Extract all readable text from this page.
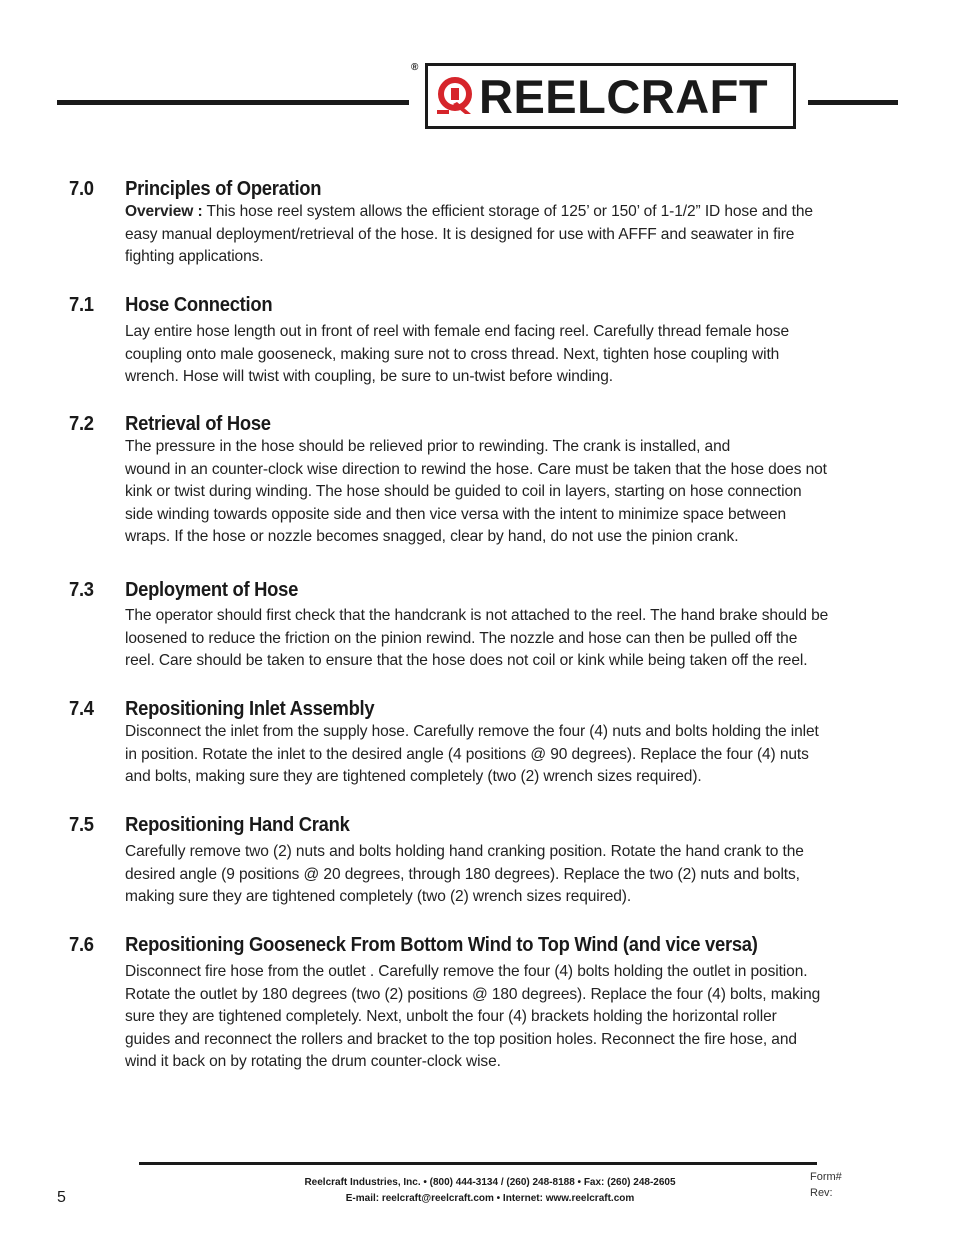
®
REELCRAFT
7.0	Principles of Operation

Overview : This hose reel system allows the efficient storage of 125’ or 150’ of 1-1/2” ID hose and the

easy manual deployment/retrieval of the hose. It is designed for use with AFFF and seawater in fire

fighting applications.

7.1	Hose Connection

Lay entire hose length out in front of reel with female end facing reel. Carefully thread female hose

coupling onto male gooseneck, making sure not to cross thread. Next, tighten hose coupling with

wrench. Hose will twist with coupling, be sure to un-twist before winding.

7.2	Retrieval of Hose

The pressure in the hose should be relieved prior to rewinding. The crank is installed, and

wound in an counter-clock wise direction to rewind the hose. Care must be taken that the hose does not

kink or twist during winding. The hose should be guided to coil in layers, starting on hose connection

side winding towards opposite side and then vice versa with the intent to minimize space between

wraps. If the hose or nozzle becomes snagged, clear by hand, do not use the pinion crank.

7.3	Deployment of Hose

The operator should first check that the handcrank is not attached to the reel. The hand brake should be

loosened to reduce the friction on the pinion rewind. The nozzle and hose can then be pulled off the

reel. Care should be taken to ensure that the hose does not coil or kink while being taken off the reel.

7.4	Repositioning Inlet Assembly

Disconnect the inlet from the supply hose. Carefully remove the four (4) nuts and bolts holding the inlet

in position. Rotate the inlet to the desired angle (4 positions @ 90 degrees). Replace the four (4) nuts

and bolts, making sure they are tightened completely (two (2) wrench sizes required).

7.5	Repositioning Hand Crank

Carefully remove two (2) nuts and bolts holding hand cranking position. Rotate the hand crank to the

desired angle (9 positions @ 20 degrees, through 180 degrees). Replace the two (2) nuts and bolts,

making sure they are tightened completely (two (2) wrench sizes required).

7.6	Repositioning Gooseneck From Bottom Wind to Top Wind (and vice versa)

Disconnect fire hose from the outlet . Carefully remove the four (4) bolts holding the outlet in position.

Rotate the outlet by 180 degrees (two (2) positions @ 180 degrees). Replace the four (4) bolts, making

sure they are tightened completely. Next, unbolt the four (4) brackets holding the horizontal roller

guides and reconnect the rollers and bracket to the top position holes. Reconnect the fire hose, and

wind it back on by rotating the drum counter-clock wise.

Reelcraft Industries, Inc. • (800) 444-3134 / (260) 248-8188 • Fax: (260) 248-2605
E-mail: reelcraft@reelcraft.com • Internet: www.reelcraft.com
5
Form#
Rev:
